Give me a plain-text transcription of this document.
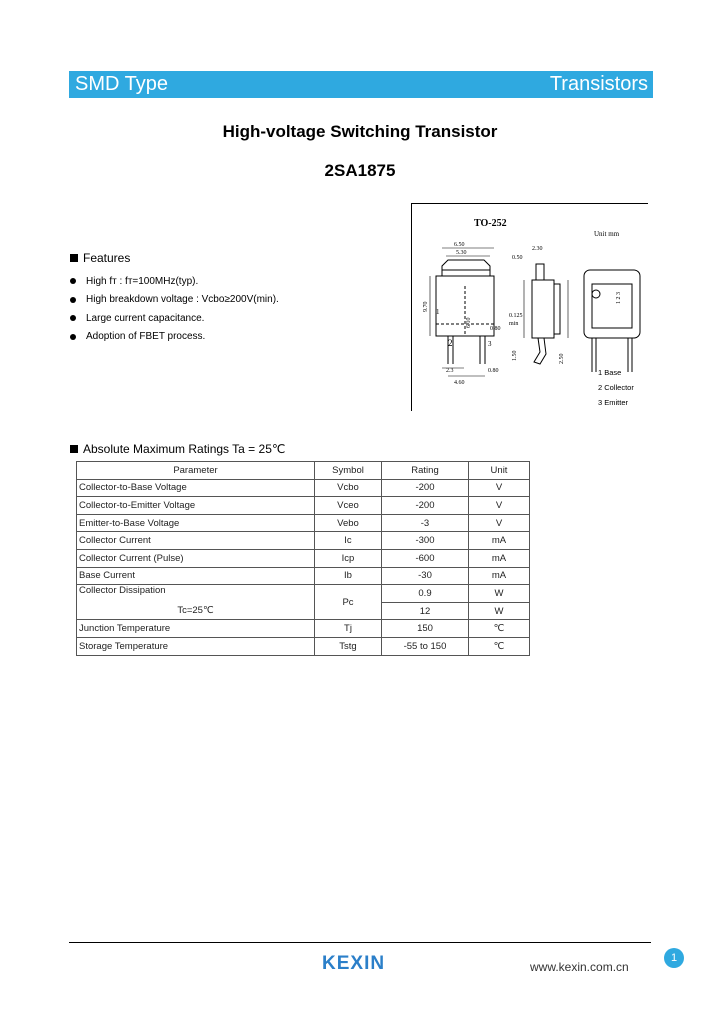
SMD Type	Transistors
High-voltage Switching Transistor
2SA1875
Features
High fт : fт=100MHz(typ).
High breakdown voltage : Vcbo≥200V(min).
Large current capacitance.
Adoption of FBET process.
TO-252
Unit mm
6.50
5.30
2.30
0.50
9.70
6.10
0.80
2.3
4.60
0.80
0.125
min
1.50	2.50
2
1
3
1 2 3
1 Base
2 Collector
3 Emitter
Absolute Maximum Ratings Ta = 25℃
Parameter	Symbol	Rating	Unit
Collector-to-Base Voltage	Vcbo	-200	V
Collector-to-Emitter Voltage	Vceo	-200	V
Emitter-to-Base Voltage	Vebo	-3	V
Collector Current	Ic	-300	mA
Collector Current (Pulse)	Icp	-600	mA
Base Current	Ib	-30	mA
Collector Dissipation	Pc	0.9	W
Tc=25℃		12	W
Junction Temperature	Tj	150	℃
Storage Temperature	Tstg	-55 to 150	℃
KEXIN	www.kexin.com.cn
1
